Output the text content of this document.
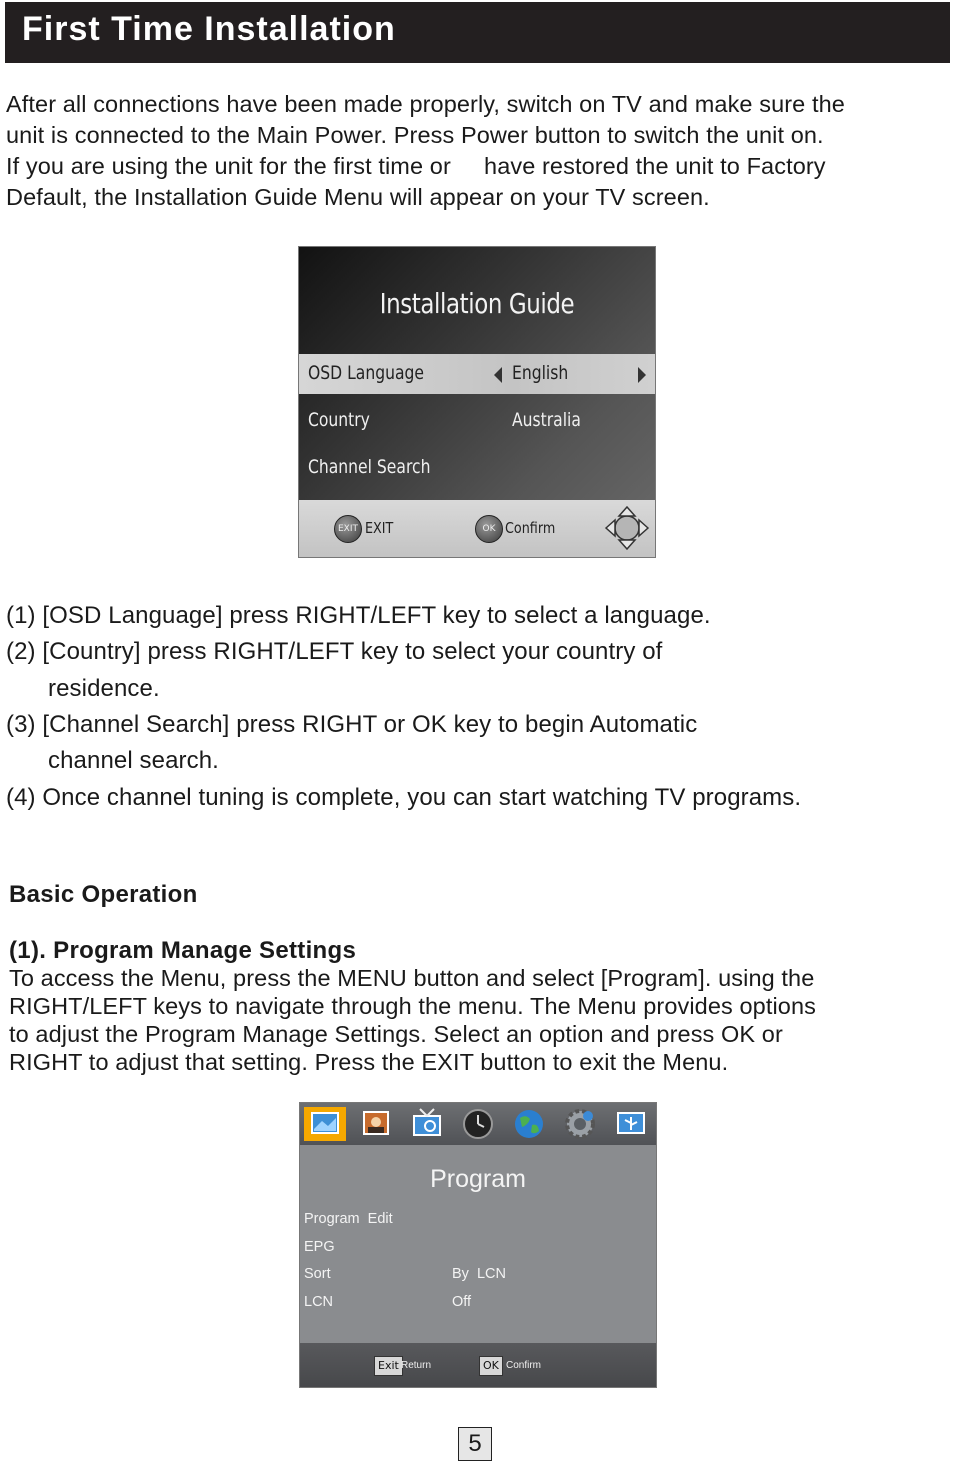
First Time Installation
After all connections have been made properly, switch on TV and make sure the
unit is connected to the Main Power. Press Power button to switch the unit on.
If you are using the unit for the first time or     have restored the unit to Factory
Default, the Installation Guide Menu will appear on your TV screen.
Installation Guide
OSD Language	English
Country	Australia
Channel Search
EXIT EXIT	OK Confirm
(1) [OSD Language] press RIGHT/LEFT key to select a language.
(2) [Country] press RIGHT/LEFT key to select your country of
residence.
(3) [Channel Search] press RIGHT or OK key to begin Automatic
channel search.
(4) Once channel tuning is complete, you can start watching TV programs.
Basic Operation
(1). Program Manage Settings
To access the Menu, press the MENU button and select [Program]. using the
RIGHT/LEFT keys to navigate through the menu. The Menu provides options
to adjust the Program Manage Settings. Select an option and press OK or
RIGHT to adjust that setting. Press the EXIT button to exit the Menu.
Program
Program  Edit
EPG
Sort	By  LCN
LCN	Off
Exit Return	OK Confirm
5
